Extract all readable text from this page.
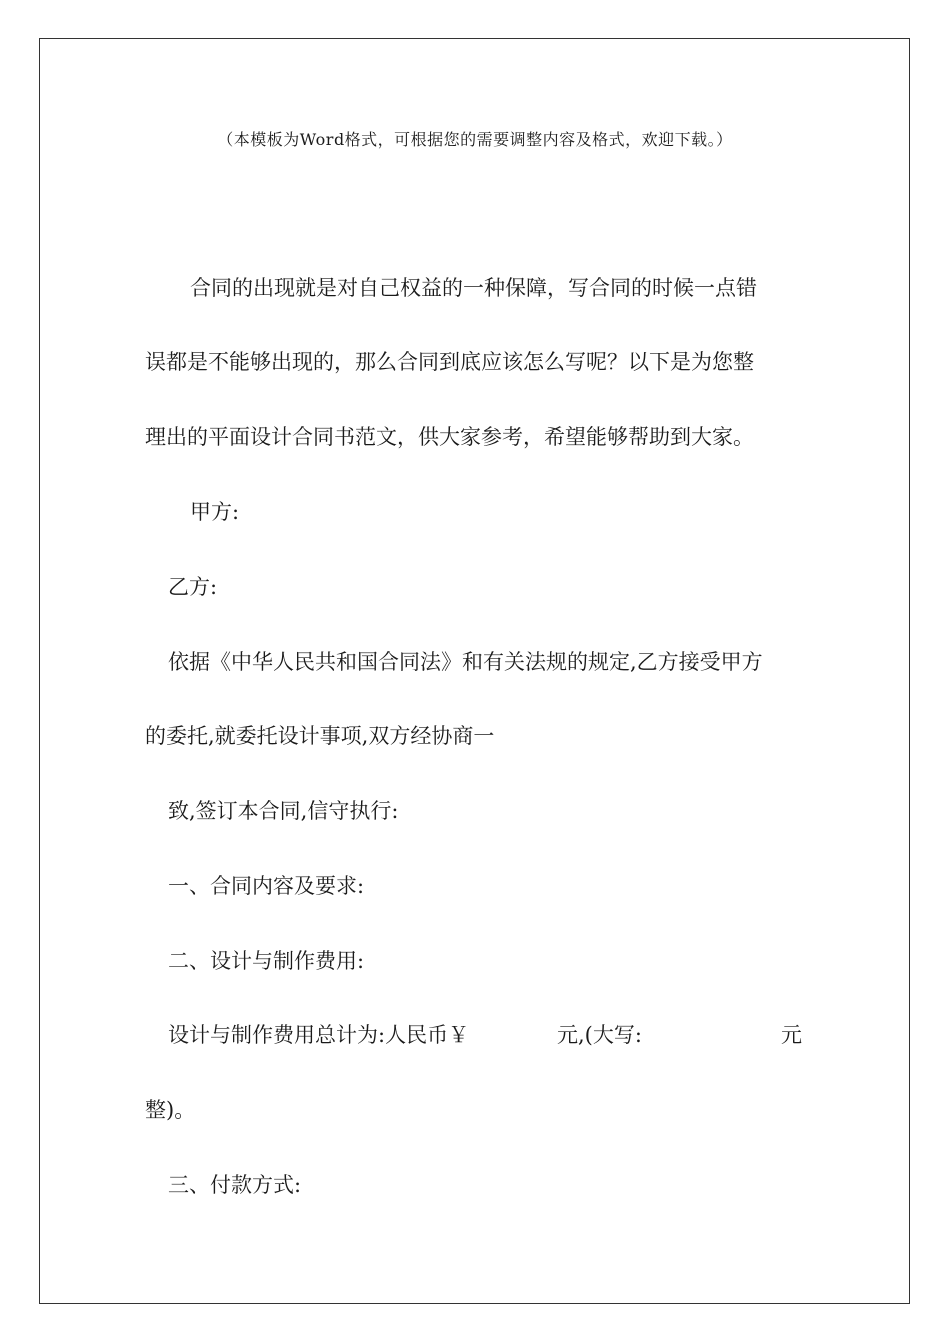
（本模板为Word格式，可根据您的需要调整内容及格式，欢迎下载。）
合同的出现就是对自己权益的一种保障，写合同的时候一点错
误都是不能够出现的，那么合同到底应该怎么写呢？以下是为您整
理出的平面设计合同书范文，供大家参考，希望能够帮助到大家。
甲方:
乙方:
依据《中华人民共和国合同法》和有关法规的规定,乙方接受甲方
的委托,就委托设计事项,双方经协商一
致,签订本合同,信守执行:
一、合同内容及要求:
二、设计与制作费用:
设计与制作费用总计为:人民币￥	元,(大写:	元
整)。
三、付款方式:
